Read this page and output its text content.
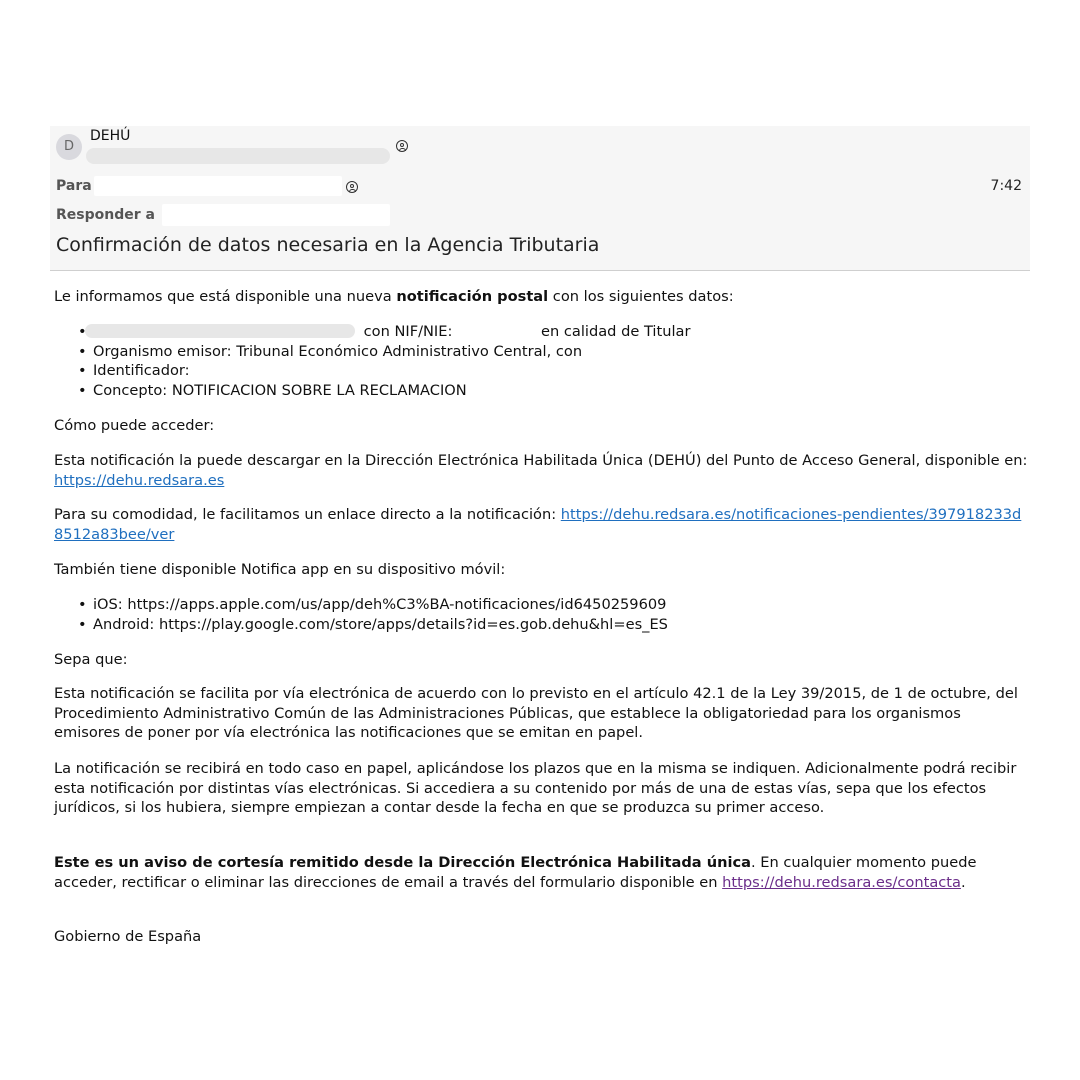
D
DEHÚ
Para	7:42
Responder a
Confirmación de datos necesaria en la Agencia Tributaria

Le informamos que está disponible una nueva notificación postal con los siguientes datos:

• con NIF/NIE:	en calidad de Titular
• Organismo emisor: Tribunal Económico Administrativo Central, con
• Identificador:
• Concepto: NOTIFICACION SOBRE LA RECLAMACION

Cómo puede acceder:

Esta notificación la puede descargar en la Dirección Electrónica Habilitada Única (DEHÚ) del Punto de Acceso General, disponible en: https://dehu.redsara.es

Para su comodidad, le facilitamos un enlace directo a la notificación: https://dehu.redsara.es/notificaciones-pendientes/397918233d8512a83bee/ver

También tiene disponible Notifica app en su dispositivo móvil:

• iOS: https://apps.apple.com/us/app/deh%C3%BA-notificaciones/id6450259609
• Android: https://play.google.com/store/apps/details?id=es.gob.dehu&hl=es_ES

Sepa que:

Esta notificación se facilita por vía electrónica de acuerdo con lo previsto en el artículo 42.1 de la Ley 39/2015, de 1 de octubre, del Procedimiento Administrativo Común de las Administraciones Públicas, que establece la obligatoriedad para los organismos emisores de poner por vía electrónica las notificaciones que se emitan en papel.

La notificación se recibirá en todo caso en papel, aplicándose los plazos que en la misma se indiquen. Adicionalmente podrá recibir esta notificación por distintas vías electrónicas. Si accediera a su contenido por más de una de estas vías, sepa que los efectos jurídicos, si los hubiera, siempre empiezan a contar desde la fecha en que se produzca su primer acceso.

Este es un aviso de cortesía remitido desde la Dirección Electrónica Habilitada única. En cualquier momento puede acceder, rectificar o eliminar las direcciones de email a través del formulario disponible en https://dehu.redsara.es/contacta.

Gobierno de España
